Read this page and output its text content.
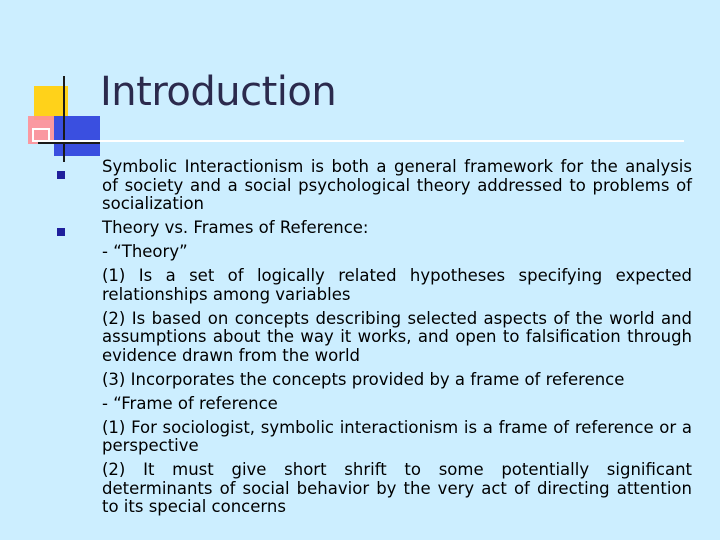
Introduction

Symbolic Interactionism is both a general framework for the analysis of society and a social psychological theory addressed to problems of socialization

Theory vs. Frames of Reference:

- “Theory”

(1) Is a set of logically related hypotheses specifying expected relationships among variables

(2) Is based on concepts describing selected aspects of the world and assumptions about the way it works, and open to falsification through evidence drawn from the world

(3) Incorporates the concepts provided by a frame of reference

- “Frame of reference

(1) For sociologist, symbolic interactionism is a frame of reference or a perspective

(2) It must give short shrift to some potentially significant determinants of social behavior by the very act of directing attention to its special concerns
